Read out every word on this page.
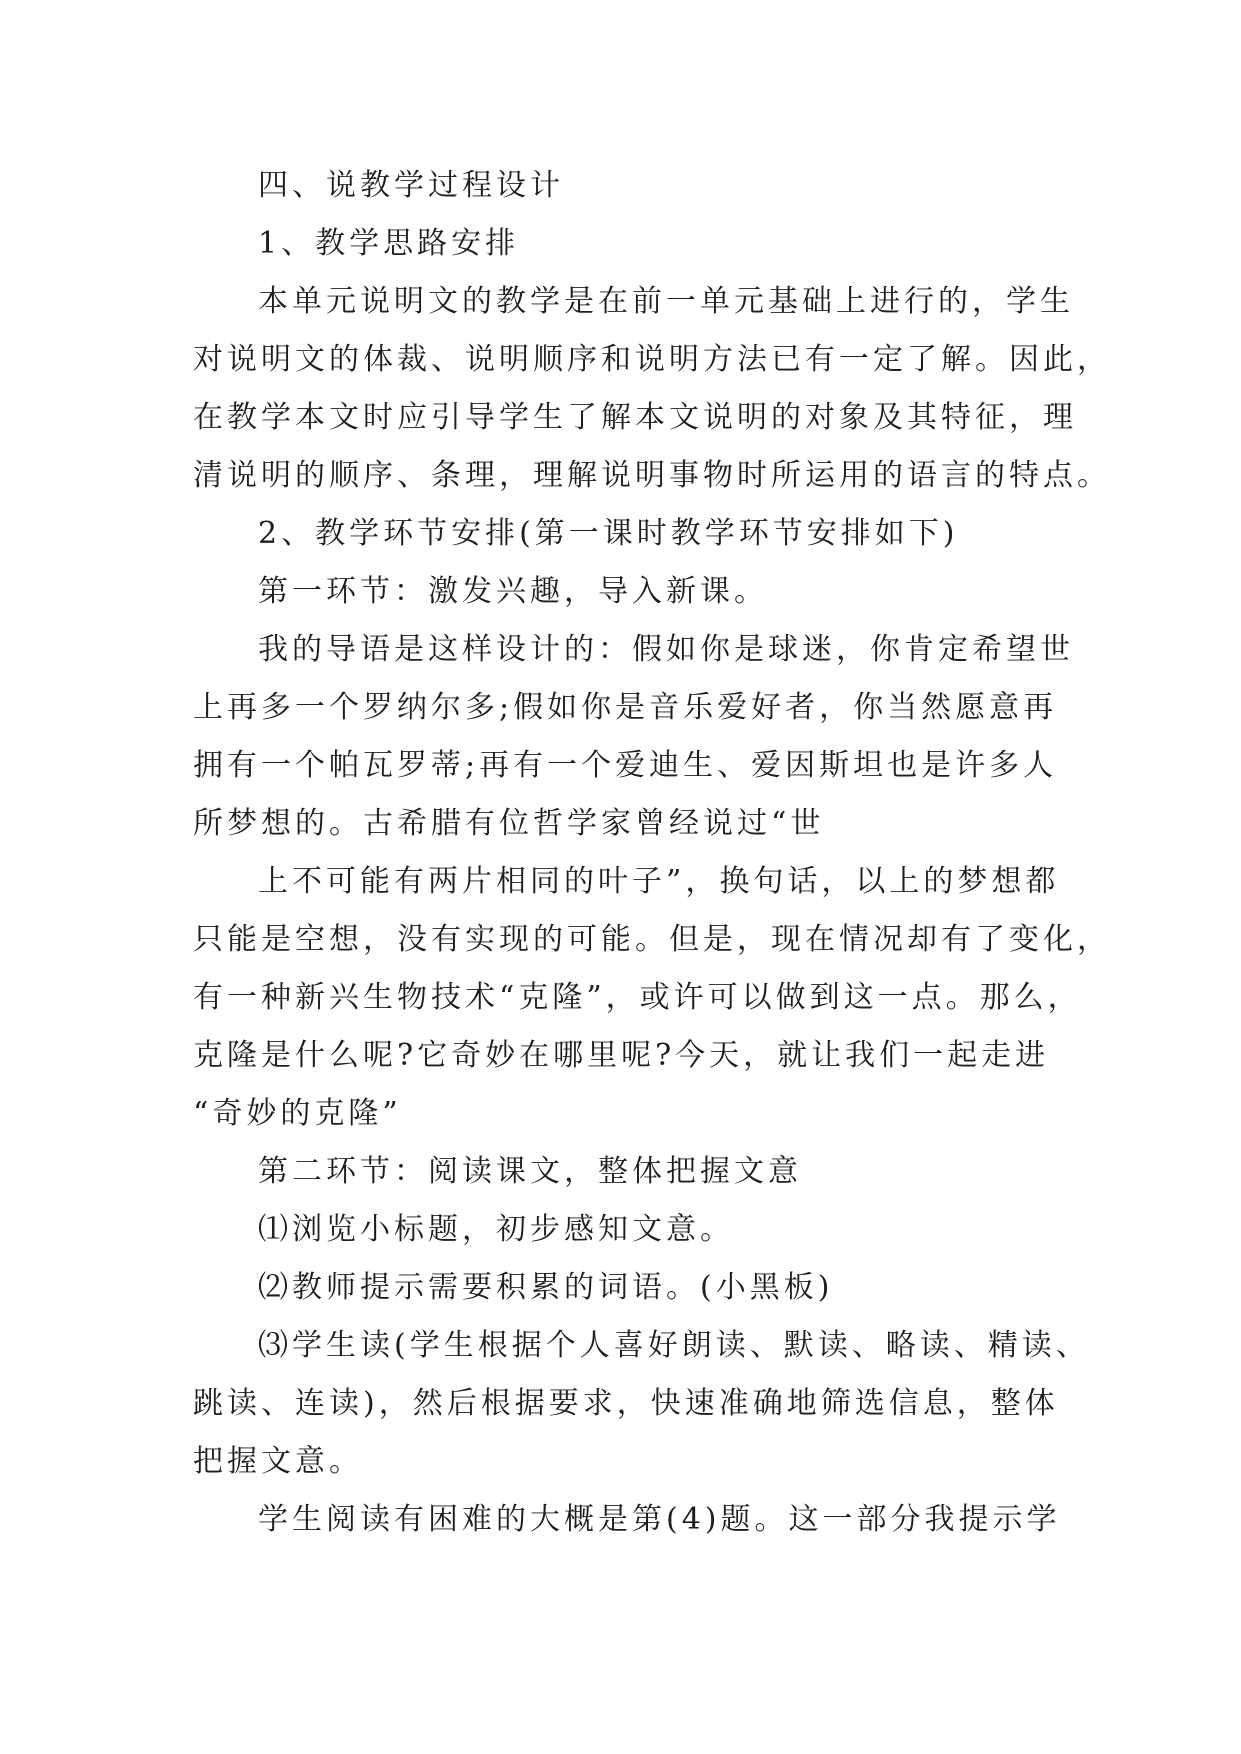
四、说教学过程设计
1、教学思路安排
本单元说明文的教学是在前一单元基础上进行的，学生
对说明文的体裁、说明顺序和说明方法已有一定了解。因此，
在教学本文时应引导学生了解本文说明的对象及其特征，理
清说明的顺序、条理，理解说明事物时所运用的语言的特点。
2、教学环节安排(第一课时教学环节安排如下)
第一环节：激发兴趣，导入新课。
我的导语是这样设计的：假如你是球迷，你肯定希望世
上再多一个罗纳尔多;假如你是音乐爱好者，你当然愿意再
拥有一个帕瓦罗蒂;再有一个爱迪生、爱因斯坦也是许多人
所梦想的。古希腊有位哲学家曾经说过“世
上不可能有两片相同的叶子”，换句话，以上的梦想都
只能是空想，没有实现的可能。但是，现在情况却有了变化，
有一种新兴生物技术“克隆”，或许可以做到这一点。那么，
克隆是什么呢?它奇妙在哪里呢?今天，就让我们一起走进
“奇妙的克隆”
第二环节：阅读课文，整体把握文意
⑴浏览小标题，初步感知文意。
⑵教师提示需要积累的词语。(小黑板)
⑶学生读(学生根据个人喜好朗读、默读、略读、精读、
跳读、连读)，然后根据要求，快速准确地筛选信息，整体
把握文意。
学生阅读有困难的大概是第(4)题。这一部分我提示学
